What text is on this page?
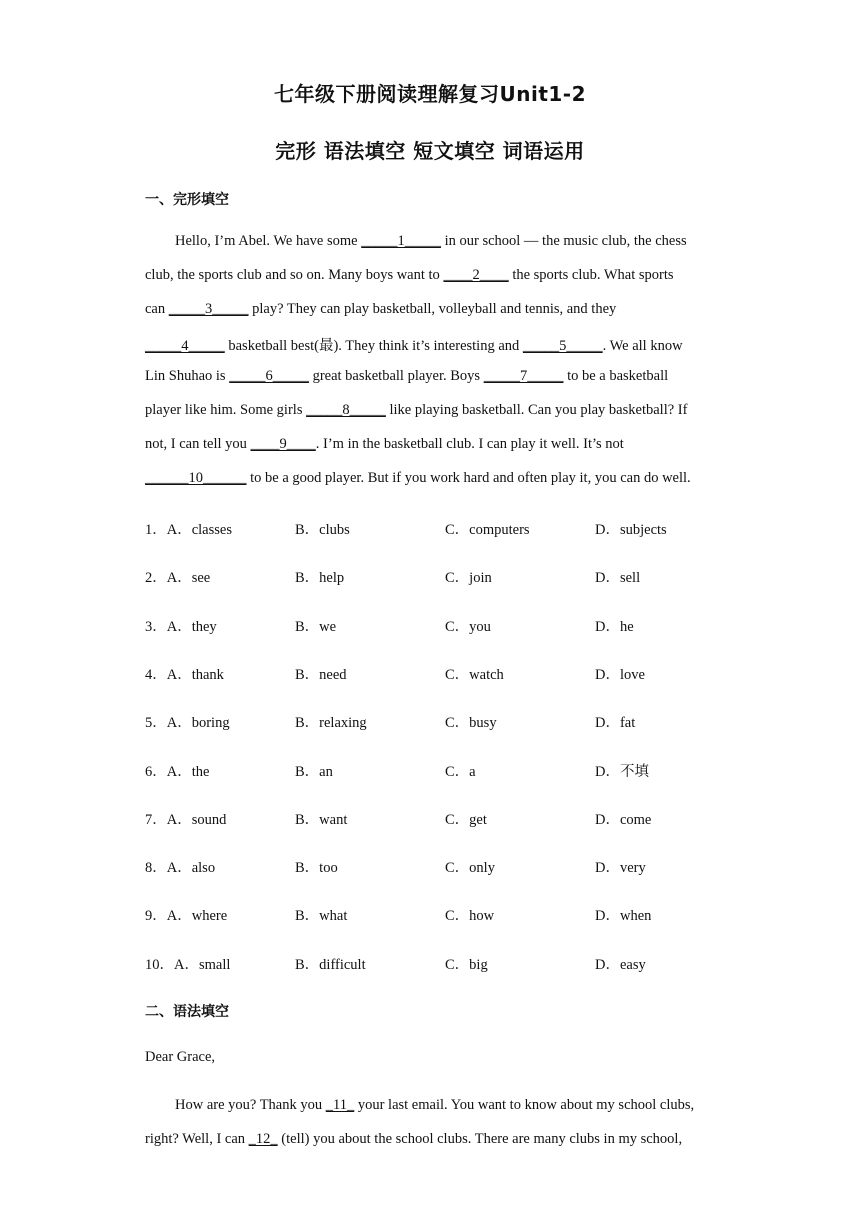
七年级下册阅读理解复习Unit1-2
完形 语法填空 短文填空 词语运用
一、完形填空
Hello, I’m Abel. We have some _____1_____ in our school — the music club, the chess
club, the sports club and so on. Many boys want to ____2____ the sports club. What sports
can _____3_____ play? They can play basketball, volleyball and tennis, and they
_____4_____ basketball best(最). They think it’s interesting and _____5_____. We all know
Lin Shuhao is _____6_____ great basketball player. Boys _____7_____ to be a basketball
player like him. Some girls _____8_____ like playing basketball. Can you play basketball? If
not, I can tell you ____9____. I’m in the basketball club. I can play it well. It’s not
______10______ to be a good player. But if you work hard and often play it, you can do well.
1．A．classes	B．clubs	C．computers	D．subjects
2．A．see	B．help	C．join	D．sell
3．A．they	B．we	C．you	D．he
4．A．thank	B．need	C．watch	D．love
5．A．boring	B．relaxing	C．busy	D．fat
6．A．the	B．an	C．a	D．不填
7．A．sound	B．want	C．get	D．come
8．A．also	B．too	C．only	D．very
9．A．where	B．what	C．how	D．when
10．A．small	B．difficult	C．big	D．easy
二、语法填空
Dear Grace,
How are you? Thank you _11_ your last email. You want to know about my school clubs,
right? Well, I can _12_ (tell) you about the school clubs. There are many clubs in my school,
